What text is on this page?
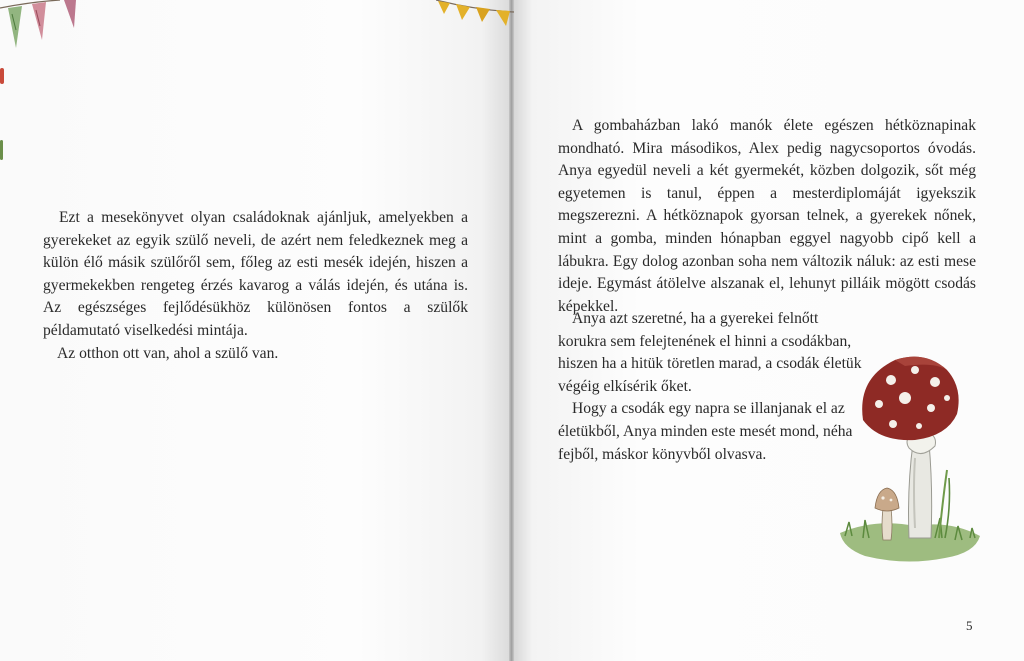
Ezt a mesekönyvet olyan családoknak ajánljuk, amelyekben a gyerekeket az egyik szülő neveli, de azért nem feledkeznek meg a külön élő másik szülőről sem, főleg az esti mesék idején, hiszen a gyermekekben rengeteg érzés kavarog a válás idején, és utána is. Az egészséges fejlődésükhöz különösen fontos a szülők példamutató viselkedési mintája.

Az otthon ott van, ahol a szülő van.

A gombaházban lakó manók élete egészen hétköznapinak mondható. Mira másodikos, Alex pedig nagycsoportos óvodás. Anya egyedül neveli a két gyermekét, közben dolgozik, sőt még egyetemen is tanul, éppen a mesterdiplomáját igyekszik megszerezni. A hétköznapok gyorsan telnek, a gyerekek nőnek, mint a gomba, minden hónapban eggyel nagyobb cipő kell a lábukra. Egy dolog azonban soha nem változik náluk: az esti mese ideje. Egymást átölelve alszanak el, lehunyt pilláik mögött csodás képekkel.

Anya azt szeretné, ha a gyerekei felnőtt korukra sem felejtenének el hinni a csodákban, hiszen ha a hitük töretlen marad, a csodák életük végéig elkísérik őket.

Hogy a csodák egy napra se illanjanak el az életükből, Anya minden este mesét mond, néha fejből, máskor könyvből olvasva.

5
